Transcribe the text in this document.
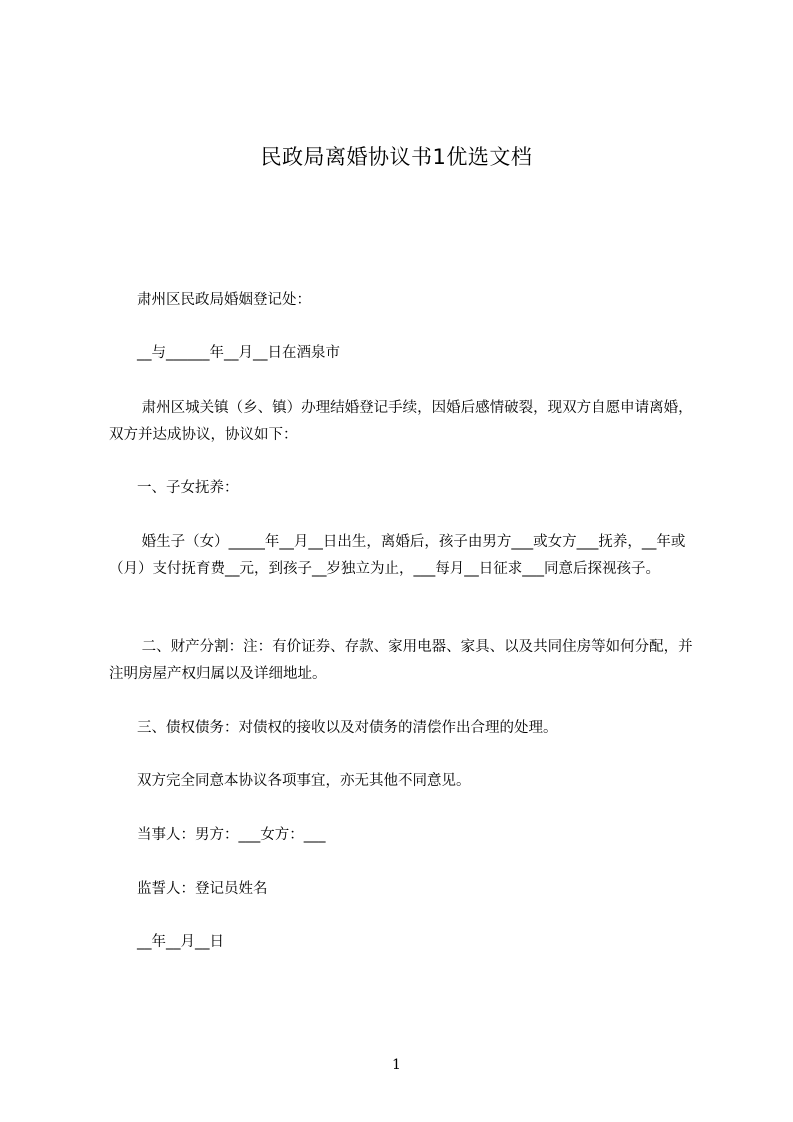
民政局离婚协议书1优选文档
肃州区民政局婚姻登记处：
__与______年__月__日在酒泉市
肃州区城关镇（乡、镇）办理结婚登记手续，因婚后感情破裂，现双方自愿申请离婚，双方并达成协议，协议如下：
一、子女抚养：
婚生子（女）_____年__月__日出生，离婚后，孩子由男方___或女方___抚养，__年或（月）支付抚育费__元，到孩子__岁独立为止，___每月__日征求___同意后探视孩子。
二、财产分割：注：有价证券、存款、家用电器、家具、以及共同住房等如何分配，并注明房屋产权归属以及详细地址。
三、债权债务：对债权的接收以及对债务的清偿作出合理的处理。
双方完全同意本协议各项事宜，亦无其他不同意见。
当事人：男方：___女方：___
监誓人：登记员姓名
__年__月__日
1
